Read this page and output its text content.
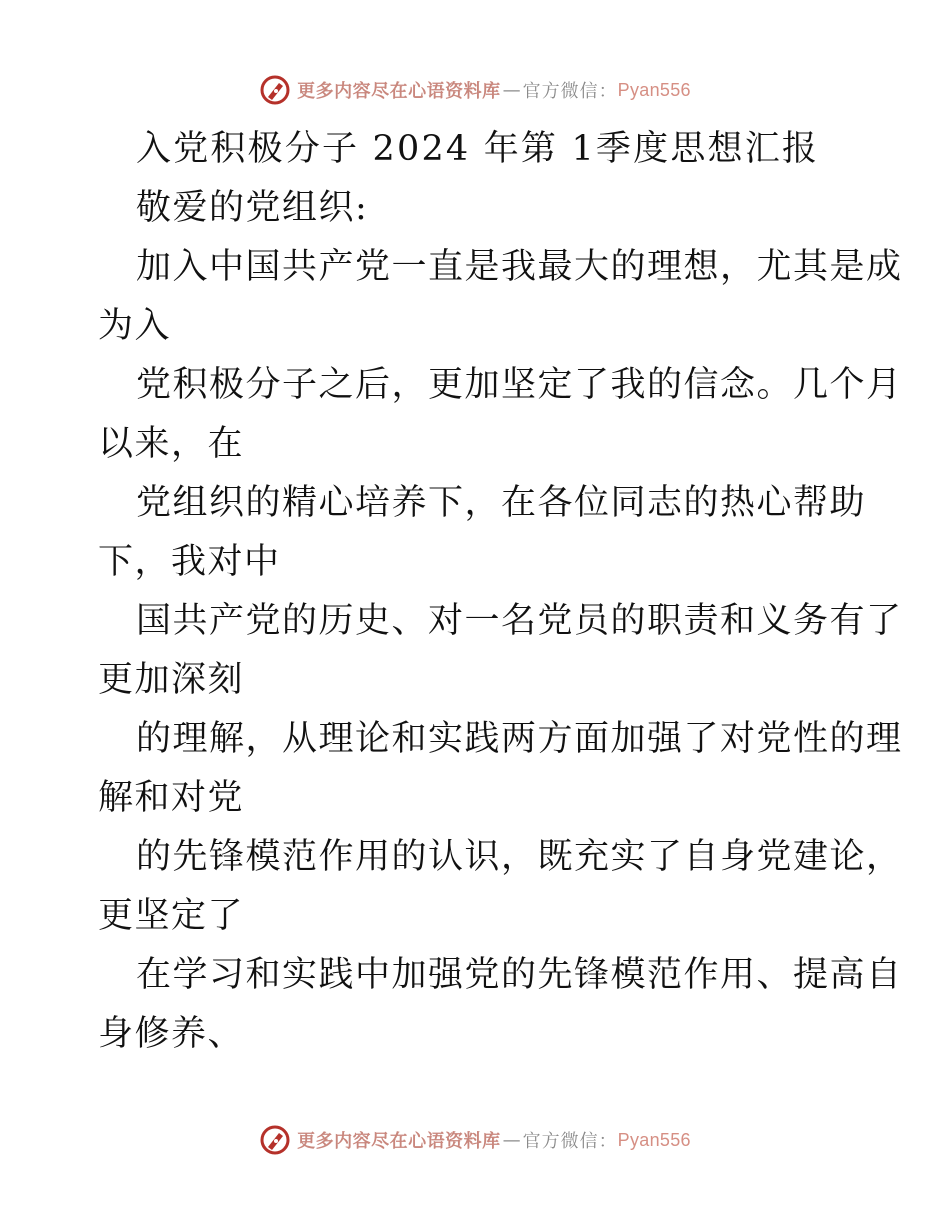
更多内容尽在心语资料库 — 官方微信： Pyan556
入党积极分子 2024 年第 1季度思想汇报
敬爱的党组织:
加入中国共产党一直是我最大的理想，尤其是成
为入
党积极分子之后，更加坚定了我的信念。几个月
以来，在
党组织的精心培养下，在各位同志的热心帮助
下，我对中
国共产党的历史、对一名党员的职责和义务有了
更加深刻
的理解，从理论和实践两方面加强了对党性的理
解和对党
的先锋模范作用的认识，既充实了自身党建论，
更坚定了
在学习和实践中加强党的先锋模范作用、提高自
身修养、
更多内容尽在心语资料库 — 官方微信： Pyan556
